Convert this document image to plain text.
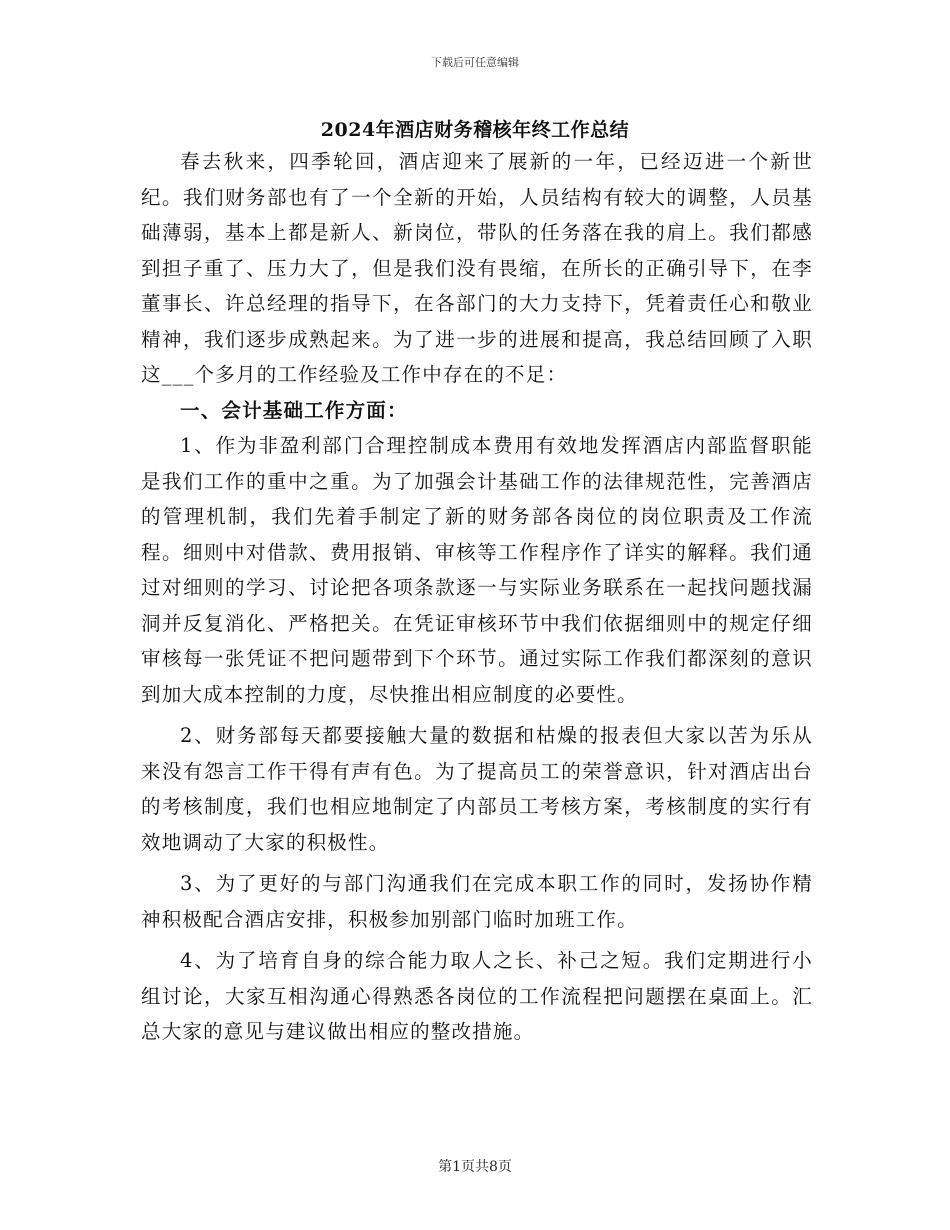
下载后可任意编辑
2024年酒店财务稽核年终工作总结

春去秋来，四季轮回，酒店迎来了展新的一年，已经迈进一个新世纪。我们财务部也有了一个全新的开始，人员结构有较大的调整，人员基础薄弱，基本上都是新人、新岗位，带队的任务落在我的肩上。我们都感到担子重了、压力大了，但是我们没有畏缩，在所长的正确引导下，在李董事长、许总经理的指导下，在各部门的大力支持下，凭着责任心和敬业精神，我们逐步成熟起来。为了进一步的进展和提高，我总结回顾了入职这___个多月的工作经验及工作中存在的不足：

一、会计基础工作方面：

1、作为非盈利部门合理控制成本费用有效地发挥酒店内部监督职能是我们工作的重中之重。为了加强会计基础工作的法律规范性，完善酒店的管理机制，我们先着手制定了新的财务部各岗位的岗位职责及工作流程。细则中对借款、费用报销、审核等工作程序作了详实的解释。我们通过对细则的学习、讨论把各项条款逐一与实际业务联系在一起找问题找漏洞并反复消化、严格把关。在凭证审核环节中我们依据细则中的规定仔细审核每一张凭证不把问题带到下个环节。通过实际工作我们都深刻的意识到加大成本控制的力度，尽快推出相应制度的必要性。

2、财务部每天都要接触大量的数据和枯燥的报表但大家以苦为乐从来没有怨言工作干得有声有色。为了提高员工的荣誉意识，针对酒店出台的考核制度，我们也相应地制定了内部员工考核方案，考核制度的实行有效地调动了大家的积极性。

3、为了更好的与部门沟通我们在完成本职工作的同时，发扬协作精神积极配合酒店安排，积极参加别部门临时加班工作。

4、为了培育自身的综合能力取人之长、补己之短。我们定期进行小组讨论，大家互相沟通心得熟悉各岗位的工作流程把问题摆在桌面上。汇总大家的意见与建议做出相应的整改措施。

第1页共8页
